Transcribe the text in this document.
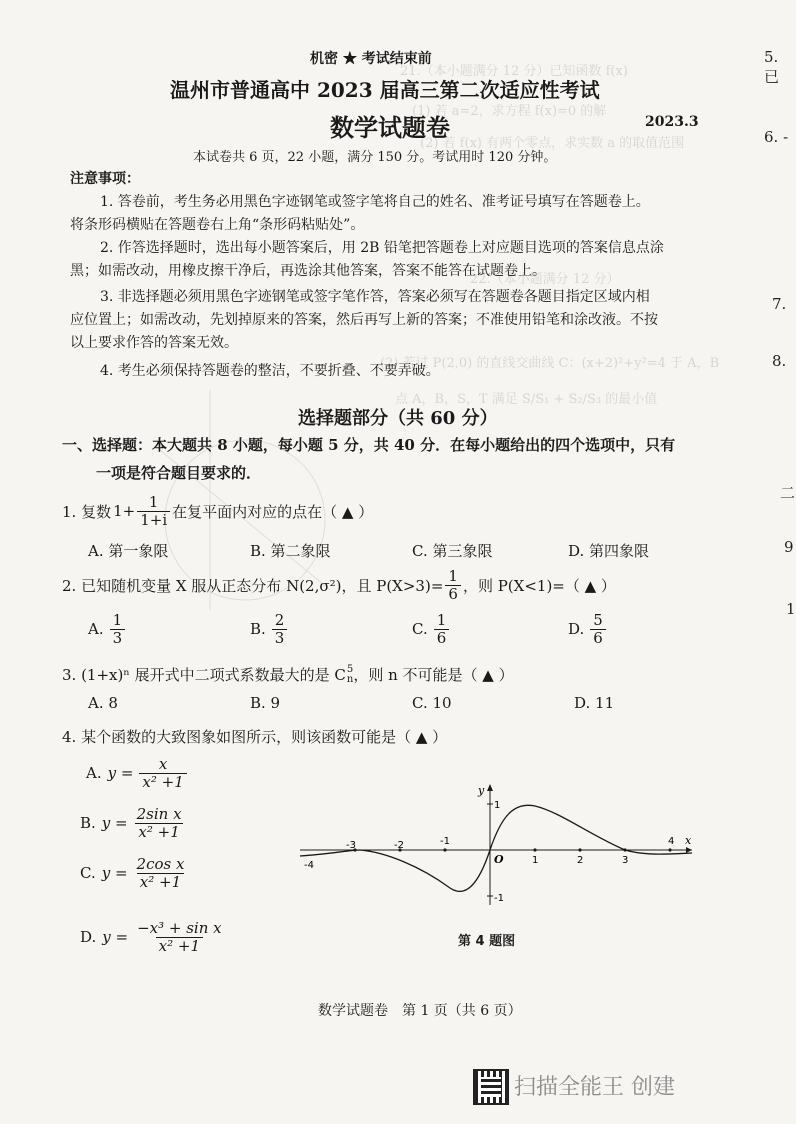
21.（本小题满分 12 分）已知函数 f(x)
(1) 若 a=2，求方程 f(x)=0 的解
(2) 若 f(x) 有两个零点，求实数 a 的取值范围
22.（本小题满分 12 分）
(2) 若过 P(2,0) 的直线交曲线 C：(x+2)²+y²=4 于 A，B
点 A，B，S，T 满足 S/S₁ + S₂/S₃ 的最小值
5. 已
6. -
7.
8.
二
9
1
机密 ★ 考试结束前
温州市普通高中 2023 届高三第二次适应性考试
数学试题卷	2023.3
本试卷共 6 页，22 小题，满分 150 分。考试用时 120 分钟。
注意事项：
1. 答卷前，考生务必用黑色字迹钢笔或签字笔将自己的姓名、准考证号填写在答题卷上。
将条形码横贴在答题卷右上角“条形码粘贴处”。
2. 作答选择题时，选出每小题答案后，用 2B 铅笔把答题卷上对应题目选项的答案信息点涂
黑；如需改动，用橡皮擦干净后，再选涂其他答案，答案不能答在试题卷上。
3. 非选择题必须用黑色字迹钢笔或签字笔作答，答案必须写在答题卷各题目指定区域内相
应位置上；如需改动，先划掉原来的答案，然后再写上新的答案；不准使用铅笔和涂改液。不按
以上要求作答的答案无效。
4. 考生必须保持答题卷的整洁，不要折叠、不要弄破。
选择题部分（共 60 分）
一、选择题：本大题共 8 小题，每小题 5 分，共 40 分．在每小题给出的四个选项中，只有
一项是符合题目要求的．
1. 复数 $1+ \frac{1}{1+i}$ 在复平面内对应的点在（ ▲ ）
A. 第一象限	B. 第二象限	C. 第三象限	D. 第四象限
2. 已知随机变量 X 服从正态分布 N(2,σ²)，且 $P(X>3)= \frac{1}{6}$ ，则 P(X<1)=（ ▲ ）
A. $\frac{1}{3}$	B. $\frac{2}{3}$	C. $\frac{1}{6}$	D. $\frac{5}{6}$
3. (1+x)ⁿ 展开式中二项式系数最大的是 C 5
n ，则 n 不可能是（ ▲ ）
A. 8	B. 9	C. 10	D. 11
4. 某个函数的大致图象如图所示，则该函数可能是（ ▲ ）
A. $y = \frac{x}{\text{x² +1}}$
B. $y = \frac{\text{2sin x}}{\text{x² +1}}$
C. $y = \frac{\text{2cos x}}{\text{x² +1}}$
D. $y = \frac{\text{−x³ + sin x}}{\text{x² +1}}$
-4
-3	-2	-1
1	2	3
4 x
y
1
-1
O
第 4 题图
数学试题卷　第 1 页（共 6 页）
扫描全能王 创建
